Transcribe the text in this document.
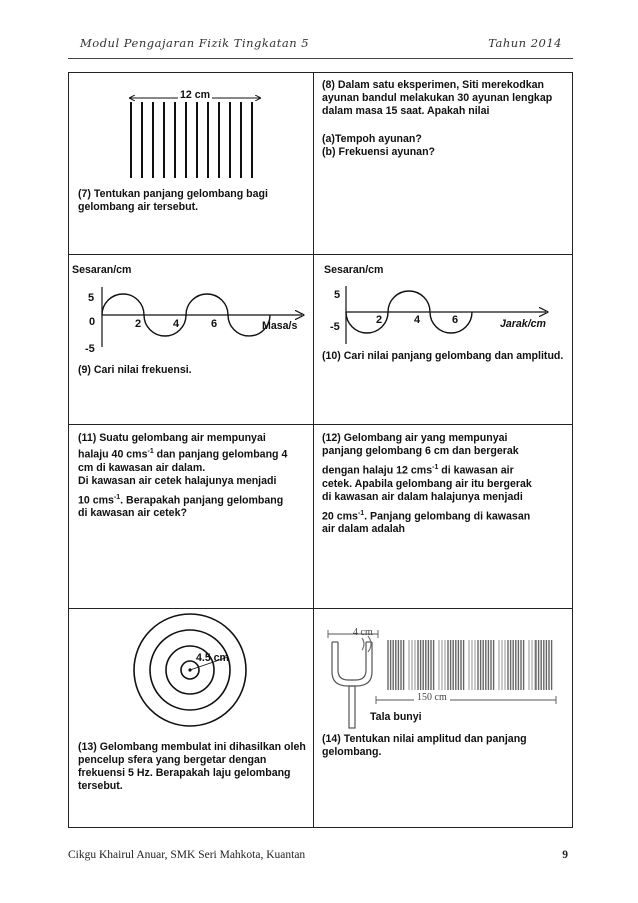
Modul Pengajaran Fizik Tingkatan 5	Tahun 2014
12 cm
(7) Tentukan panjang gelombang bagi gelombang air tersebut.
(8) Dalam satu eksperimen, Siti merekodkan ayunan bandul melakukan 30 ayunan lengkap dalam masa 15 saat. Apakah nilai
(a)Tempoh ayunan?
(b) Frekuensi ayunan?
Sesaran/cm
5
0
-5
2	4	6	Masa/s
(9) Cari nilai frekuensi.
Sesaran/cm
5
-5
2	4	6	Jarak/cm
(10) Cari nilai panjang gelombang dan amplitud.
(11) Suatu gelombang air mempunyai
halaju 40 cms$^{-1}$ dan panjang gelombang 4
cm di kawasan air dalam.
Di kawasan air cetek halajunya menjadi
10 cms$^{-1}$. Berapakah panjang gelombang
di kawasan air cetek?
(12) Gelombang air yang mempunyai
panjang gelombang 6 cm dan bergerak
dengan halaju 12 cms$^{-1}$ di kawasan air
cetek. Apabila gelombang air itu bergerak
di kawasan air dalam halajunya menjadi
20 cms$^{-1}$. Panjang gelombang di kawasan
air dalam adalah
4.5 cm
(13) Gelombang membulat ini dihasilkan oleh pencelup sfera yang bergetar dengan frekuensi 5 Hz. Berapakah laju gelombang tersebut.
4 cm
150 cm
Tala bunyi
(14) Tentukan nilai amplitud dan panjang gelombang.
Cikgu Khairul Anuar, SMK Seri Mahkota, Kuantan	9
